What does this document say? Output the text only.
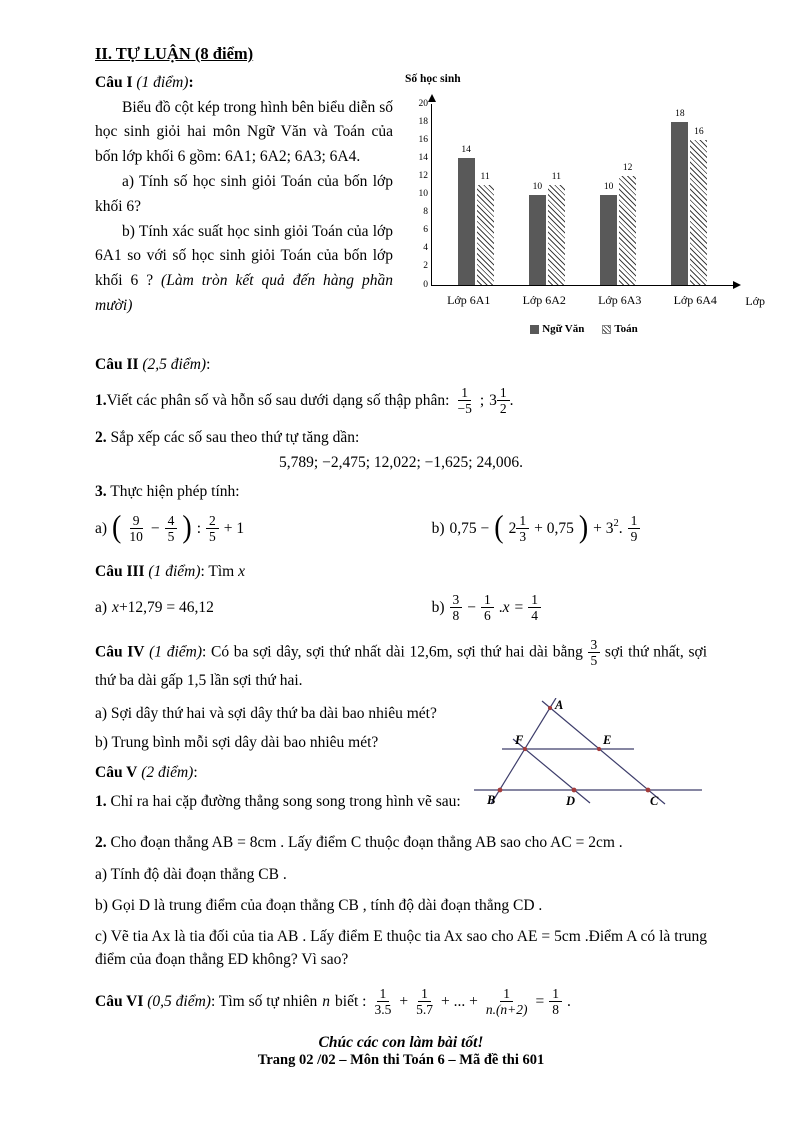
II. TỰ LUẬN (8 điểm)

Câu I (1 điểm):

Biểu đồ cột kép trong hình bên biểu diễn số học sinh giỏi hai môn Ngữ Văn và Toán của bốn lớp khối 6 gồm: 6A1; 6A2; 6A3; 6A4.

a) Tính số học sinh giỏi Toán của bốn lớp khối 6?

b) Tính xác suất học sinh giỏi Toán của lớp 6A1 so với số học sinh giỏi Toán của bốn lớp khối 6 ? (Làm tròn kết quả đến hàng phần mười)

Số học sinh
14
11
10
11
10
12
18
16
0
2
4
6
8
10
12
14
16
18
20
Lớp 6A1	Lớp 6A2	Lớp 6A3	Lớp 6A4 Lớp
Ngữ Văn	Toán

Câu II (2,5 điểm):

1. Viết các phân số và hỗn số sau dưới dạng số thập phân: $\frac{1}{-5}$ ; $3 \frac{1}{2}$ .

2. Sắp xếp các số sau theo thứ tự tăng dần:

5,789; −2,475; 12,022; −1,625; 24,006.

3. Thực hiện phép tính:

a) ( $\frac{9}{10} - \frac{4}{5}$ ) : $\frac{2}{5} + 1$	b) 0,75 − ( $2 \frac{1}{3} + 0,75$ ) + $3^2$ . $\frac{1}{9}$

Câu III (1 điểm): Tìm x

a) x +12,79 = 46,12	$b) \frac{3}{8} - \frac{1}{6}$ . $x = \frac{1}{4}$

Câu IV (1 điểm): Có ba sợi dây, sợi thứ nhất dài 12,6m, sợi thứ hai dài bằng $\frac{3}{5}$ sợi thứ nhất, sợi thứ ba dài gấp 1,5 lần sợi thứ hai.

a) Sợi dây thứ hai và sợi dây thứ ba dài bao nhiêu mét?

b) Trung bình mỗi sợi dây dài bao nhiêu mét?

Câu V (2 điểm):

1. Chỉ ra hai cặp đường thẳng song song trong hình vẽ sau:

A
F	E
B	D	C

2. Cho đoạn thẳng AB = 8cm . Lấy điểm C thuộc đoạn thẳng AB sao cho AC = 2cm .

a) Tính độ dài đoạn thẳng CB .

b) Gọi D là trung điểm của đoạn thẳng CB , tính độ dài đoạn thẳng CD .

c) Vẽ tia Ax là tia đối của tia AB . Lấy điểm E thuộc tia Ax sao cho AE = 5cm .Điểm A có là trung điểm của đoạn thẳng ED không? Vì sao?

Câu VI
(0,5 điểm) : Tìm số tự nhiên n biết : $\frac{1}{3.5} + \frac{1}{5.7}$ + ... + $\frac{1}{n.(n+2)} = \frac{1}{8}$ .
Chúc các con làm bài tốt!
Trang 02 /02 – Môn thi Toán 6 – Mã đề thi 601
